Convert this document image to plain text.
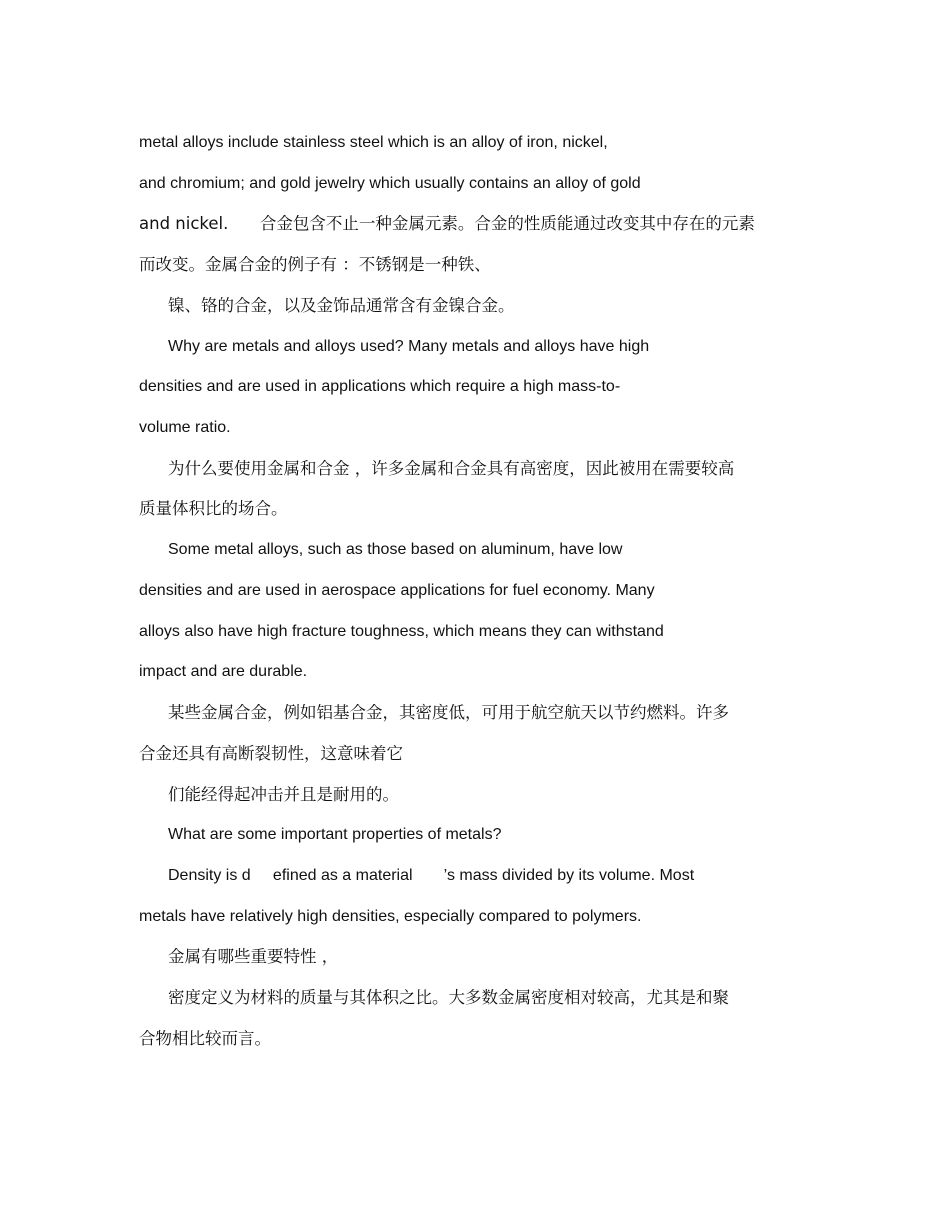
metal alloys include stainless steel which is an alloy of iron, nickel,
and chromium; and gold jewelry which usually contains an alloy of gold
and nickel.      合金包含不止一种金属元素。合金的性质能通过改变其中存在的元素
而改变。金属合金的例子有 ：不锈钢是一种铁、
镍、铬的合金，以及金饰品通常含有金镍合金。
Why are metals and alloys used? Many metals and alloys have high
densities and are used in applications which require a high mass-to-
volume ratio.
为什么要使用金属和合金 ，许多金属和合金具有高密度，因此被用在需要较高
质量体积比的场合。
Some metal alloys, such as those based on aluminum, have low
densities and are used in aerospace applications for fuel economy. Many
alloys also have high fracture toughness, which means they can withstand
impact and are durable.
某些金属合金，例如铝基合金，其密度低，可用于航空航天以节约燃料。许多
合金还具有高断裂韧性，这意味着它
们能经得起冲击并且是耐用的。
What are some important properties of metals?
Density is d     efined as a material       ’s mass divided by its volume. Most
metals have relatively high densities, especially compared to polymers.
金属有哪些重要特性 ，
密度定义为材料的质量与其体积之比。大多数金属密度相对较高，尤其是和聚
合物相比较而言。
